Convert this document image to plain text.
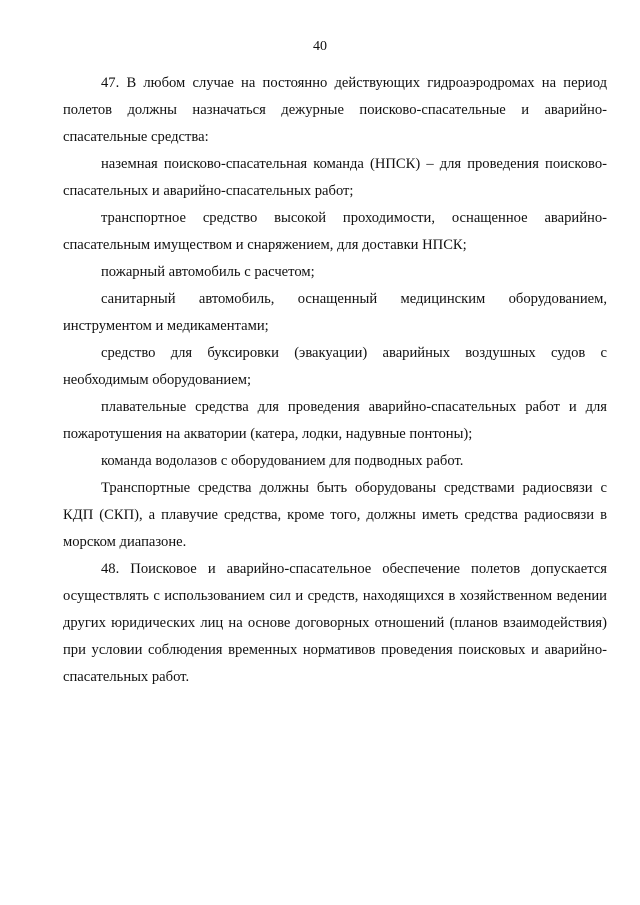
40

47. В любом случае на постоянно действующих гидроаэродромах на период полетов должны назначаться дежурные поисково-спасательные и аварийно-спасательные средства:

наземная поисково-спасательная команда (НПСК) – для проведения поисково-спасательных и аварийно-спасательных работ;

транспортное средство высокой проходимости, оснащенное аварийно-спасательным имуществом и снаряжением, для доставки НПСК;

пожарный автомобиль с расчетом;

санитарный автомобиль, оснащенный медицинским оборудованием, инструментом и медикаментами;

средство для буксировки (эвакуации) аварийных воздушных судов с необходимым оборудованием;

плавательные средства для проведения аварийно-спасательных работ и для пожаротушения на акватории (катера, лодки, надувные понтоны);

команда водолазов с оборудованием для подводных работ.

Транспортные средства должны быть оборудованы средствами радиосвязи с КДП (СКП), а плавучие средства, кроме того, должны иметь средства радиосвязи в морском диапазоне.

48. Поисковое и аварийно-спасательное обеспечение полетов допускается осуществлять с использованием сил и средств, находящихся в хозяйственном ведении других юридических лиц на основе договорных отношений (планов взаимодействия) при условии соблюдения временных нормативов проведения поисковых и аварийно-спасательных работ.
